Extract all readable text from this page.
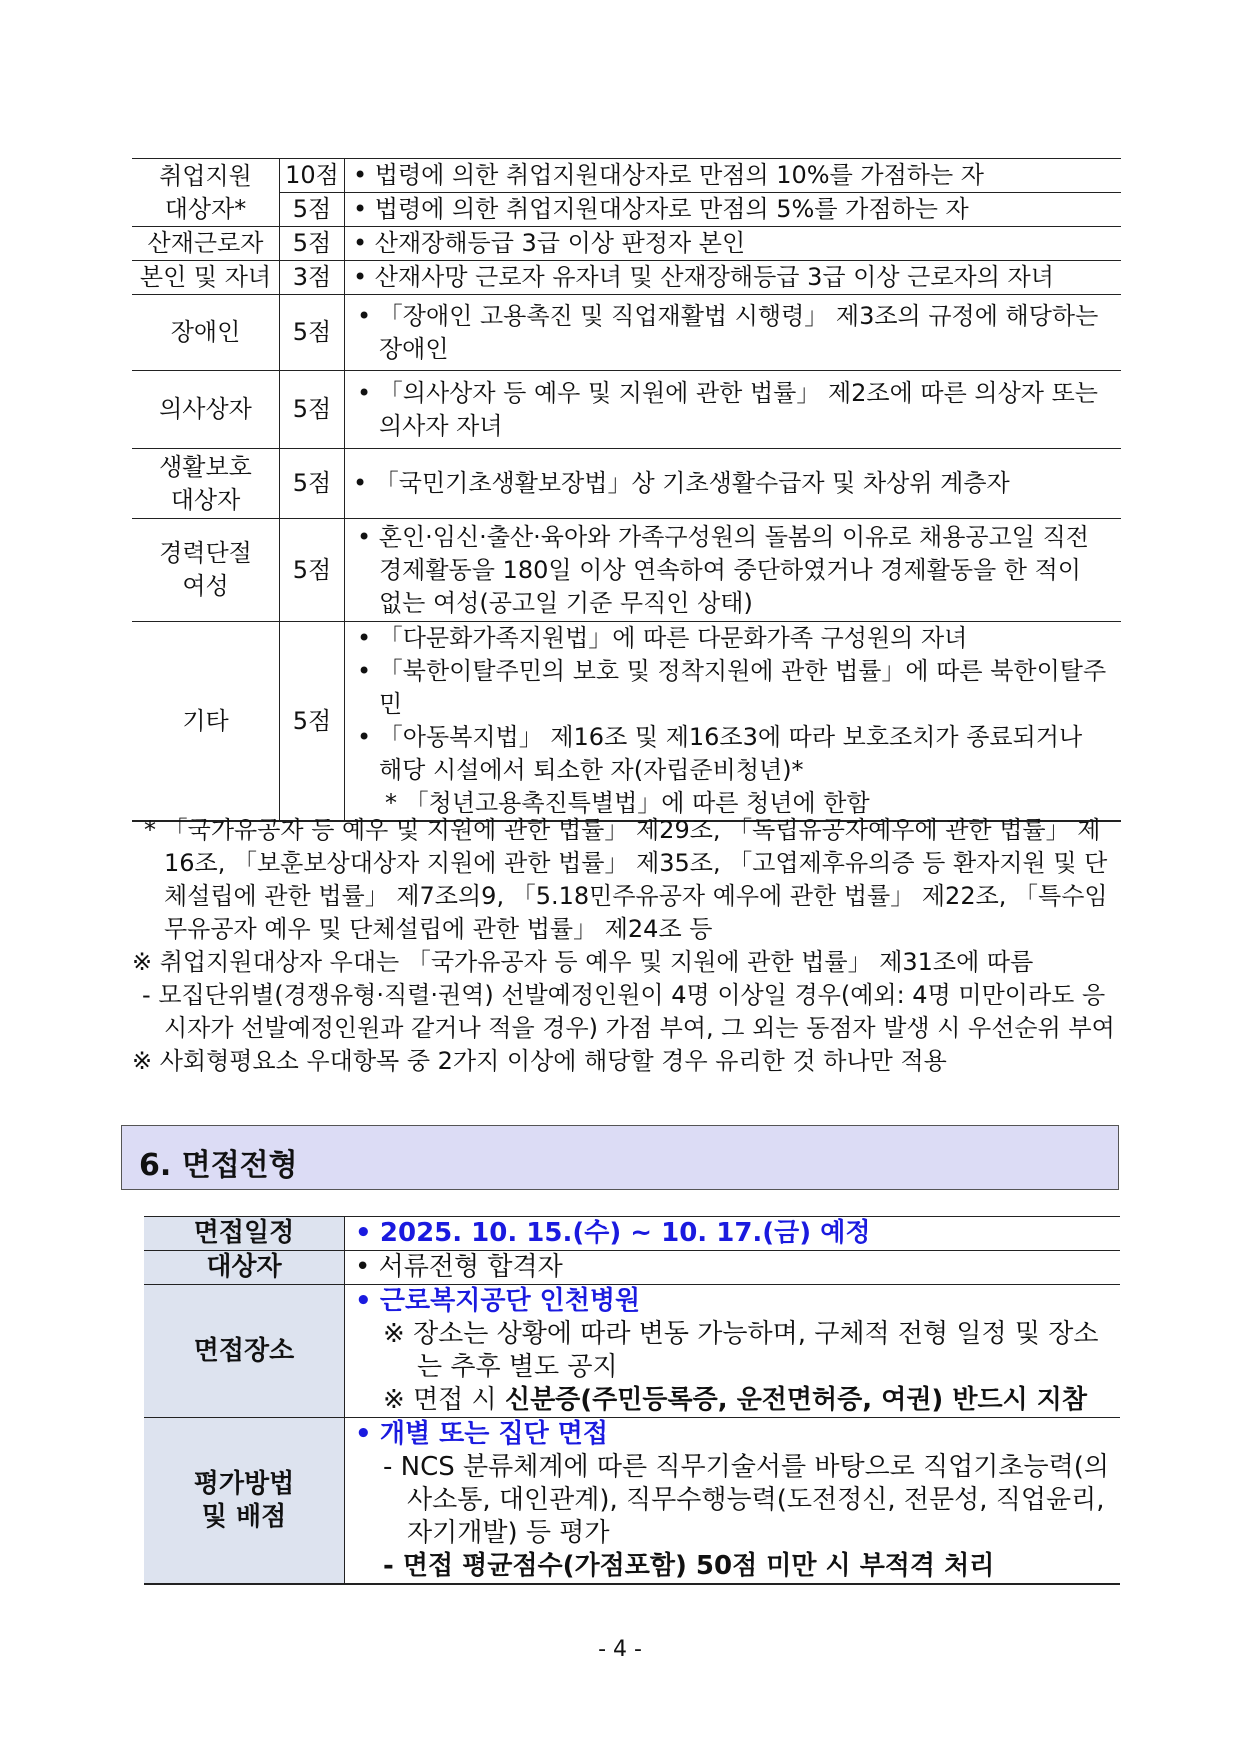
취업지원 대상자*	10점	• 법령에 의한 취업지원대상자로 만점의 10%를 가점하는 자
	5점	• 법령에 의한 취업지원대상자로 만점의 5%를 가점하는 자
산재근로자	5점	• 산재장해등급 3급 이상 판정자 본인
본인 및 자녀	3점	• 산재사망 근로자 유자녀 및 산재장해등급 3급 이상 근로자의 자녀
장애인	5점	• 「장애인 고용촉진 및 직업재활법 시행령」 제3조의 규정에 해당하는 장애인

의사상자	5점	• 「의사상자 등 예우 및 지원에 관한 법률」 제2조에 따른 의상자 또는 의사자 자녀

생활보호
대상자	5점	• 「국민기초생활보장법」상 기초생활수급자 및 차상위 계층자

경력단절
여성	5점	• 혼인·임신·출산·육아와 가족구성원의 돌봄의 이유로 채용공고일 직전 경제활동을 180일 이상 연속하여 중단하였거나 경제활동을 한 적이 없는 여성(공고일 기준 무직인 상태)

기타	5점	• 「다문화가족지원법」에 따른 다문화가족 구성원의 자녀
• 「북한이탈주민의 보호 및 정착지원에 관한 법률」에 따른 북한이탈주민
• 「아동복지법」 제16조 및 제16조3에 따라 보호조치가 종료되거나 해당 시설에서 퇴소한 자(자립준비청년)*
* 「청년고용촉진특별법」에 따른 청년에 한함
* 「국가유공자 등 예우 및 지원에 관한 법률」 제29조, 「독립유공자예우에 관한 법률」 제16조, 「보훈보상대상자 지원에 관한 법률」 제35조, 「고엽제후유의증 등 환자지원 및 단체설립에 관한 법률」 제7조의9, 「5.18민주유공자 예우에 관한 법률」 제22조, 「특수임무유공자 예우 및 단체설립에 관한 법률」 제24조 등
※ 취업지원대상자 우대는 「국가유공자 등 예우 및 지원에 관한 법률」 제31조에 따름
- 모집단위별(경쟁유형·직렬·권역) 선발예정인원이 4명 이상일 경우(예외: 4명 미만이라도 응시자가 선발예정인원과 같거나 적을 경우) 가점 부여, 그 외는 동점자 발생 시 우선순위 부여
※ 사회형평요소 우대항목 중 2가지 이상에 해당할 경우 유리한 것 하나만 적용
6. 면접전형
면접일정	• 2025. 10. 15.(수) ~ 10. 17.(금) 예정
대상자	• 서류전형 합격자
면접장소	• 근로복지공단 인천병원
※ 장소는 상황에 따라 변동 가능하며, 구체적 전형 일정 및 장소는 추후 별도 공지
※ 면접 시 신분증(주민등록증, 운전면허증, 여권) 반드시 지참

평가방법
및 배점	• 개별 또는 집단 면접
- NCS 분류체계에 따른 직무기술서를 바탕으로 직업기초능력(의사소통, 대인관계), 직무수행능력(도전정신, 전문성, 직업윤리, 자기개발) 등 평가
- 면접 평균점수(가점포함) 50점 미만 시 부적격 처리
- 4 -
